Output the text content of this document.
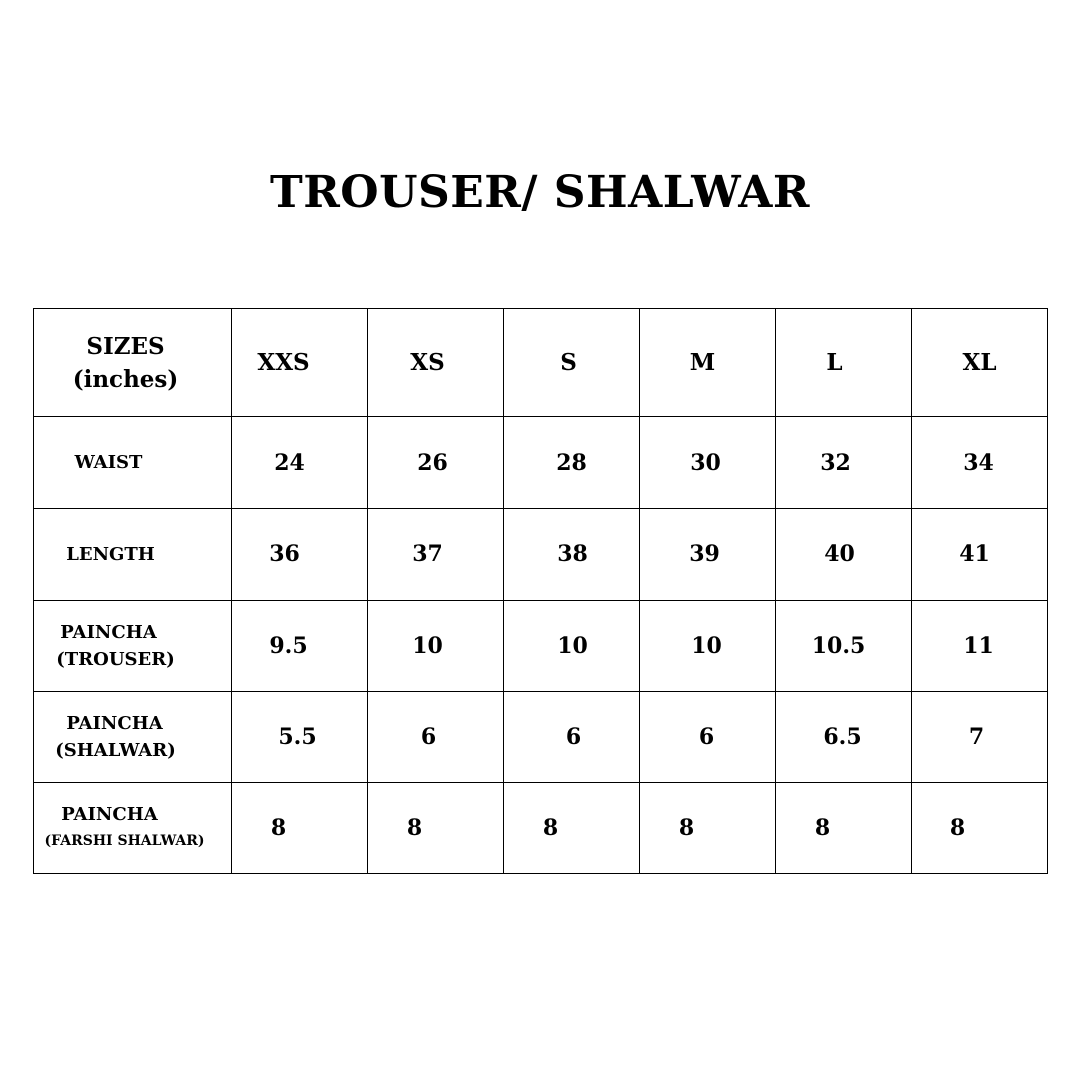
TROUSER/ SHALWAR
SIZES
(inches)	XXS	XS	S	M	L	XL
WAIST	24	26	28	30	32	34
LENGTH	36	37	38	39	40	41

PAINCHA
(TROUSER)	9.5	10	10	10	10.5	11

PAINCHA
(SHALWAR)	5.5	6	6	6	6.5	7

PAINCHA
(FARSHI SHALWAR)	8	8	8	8	8	8
